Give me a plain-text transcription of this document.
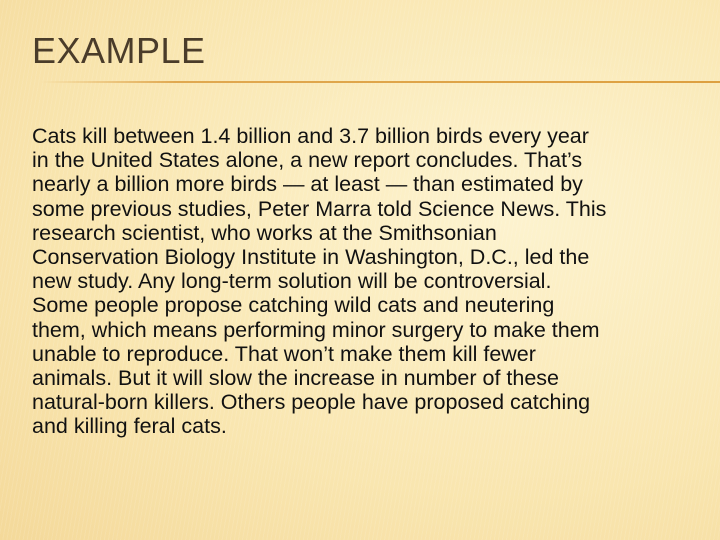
EXAMPLE
Cats kill between 1.4 billion and 3.7 billion birds every year
in the United States alone, a new report concludes. That’s
nearly a billion more birds — at least — than estimated by
some previous studies, Peter Marra told Science News. This
research scientist, who works at the Smithsonian
Conservation Biology Institute in Washington, D.C., led the
new study. Any long-term solution will be controversial.
Some people propose catching wild cats and neutering
them, which means performing minor surgery to make them
unable to reproduce. That won’t make them kill fewer
animals. But it will slow the increase in number of these
natural-born killers. Others people have proposed catching
and killing feral cats.
